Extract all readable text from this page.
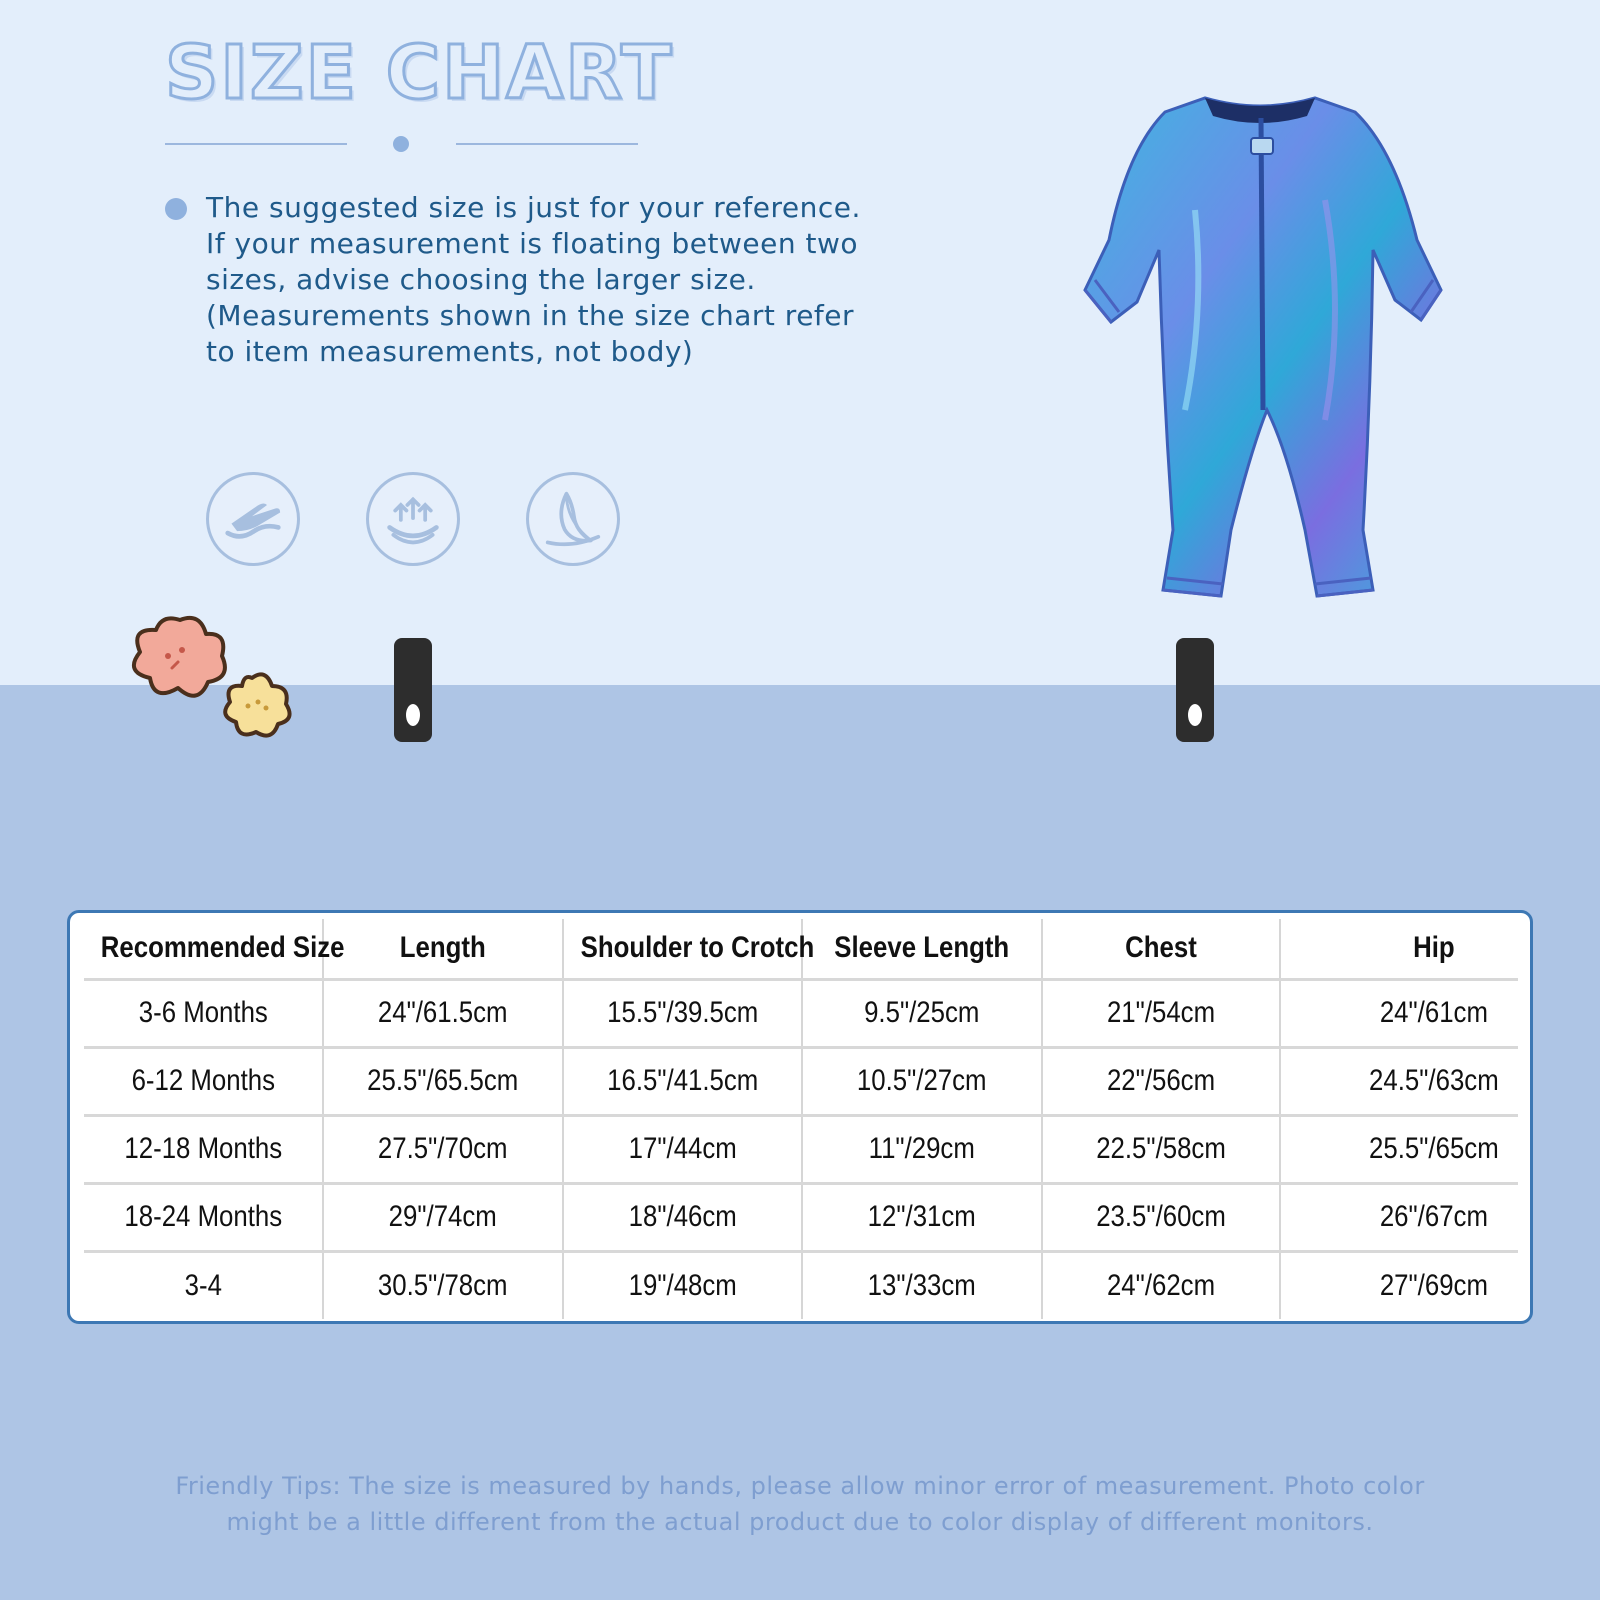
SIZE CHART
The suggested size is just for your reference. If your measurement is floating between two sizes, advise choosing the larger size. (Measurements shown in the size chart refer to item measurements, not body)
Recommended Size	Length	Shoulder to Crotch	Sleeve Length	Chest	Hip

3-6 Months	24"/61.5cm	15.5"/39.5cm	9.5"/25cm	21"/54cm	24"/61cm

6-12 Months	25.5"/65.5cm	16.5"/41.5cm	10.5"/27cm	22"/56cm	24.5"/63cm

12-18 Months	27.5"/70cm	17"/44cm	11"/29cm	22.5"/58cm	25.5"/65cm

18-24 Months	29"/74cm	18"/46cm	12"/31cm	23.5"/60cm	26"/67cm

3-4	30.5"/78cm	19"/48cm	13"/33cm	24"/62cm	27"/69cm
Friendly Tips: The size is measured by hands, please allow minor error of measurement. Photo color might be a little different from the actual product due to color display of different monitors.
